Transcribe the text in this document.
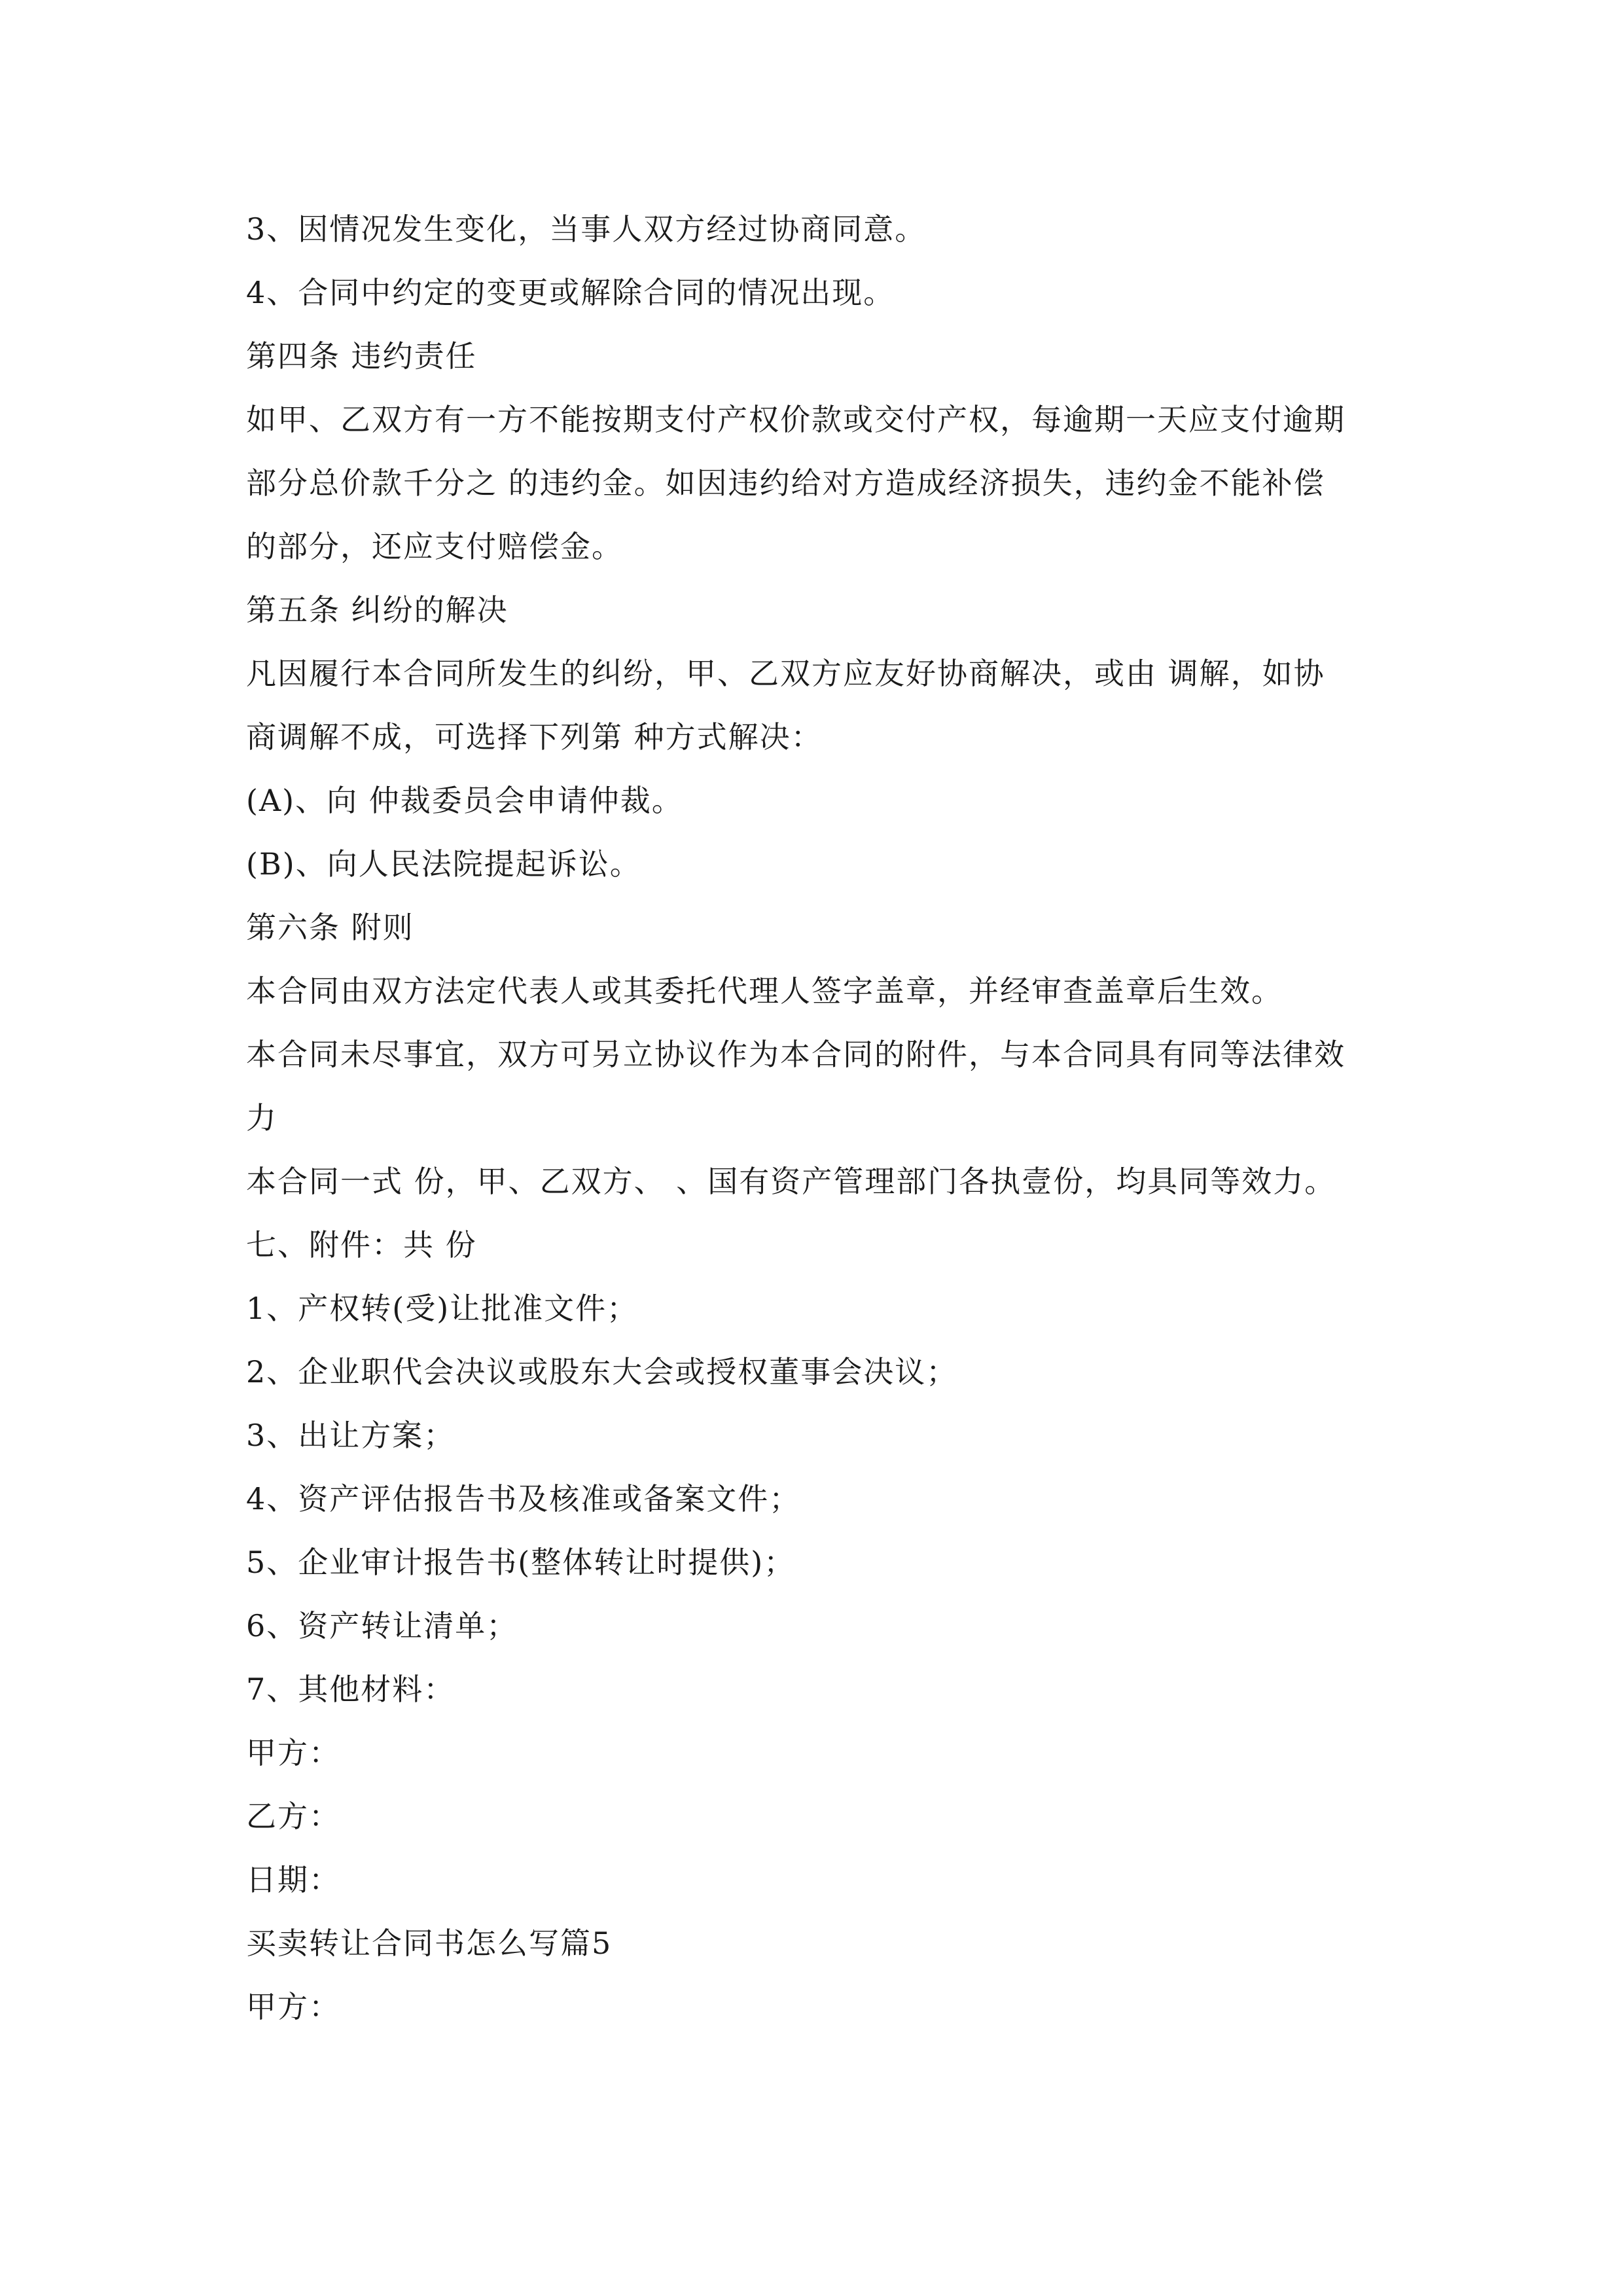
3、因情况发生变化，当事人双方经过协商同意。

4、合同中约定的变更或解除合同的情况出现。

第四条 违约责任

如甲、乙双方有一方不能按期支付产权价款或交付产权，每逾期一天应支付逾期

部分总价款千分之 的违约金。如因违约给对方造成经济损失，违约金不能补偿

的部分，还应支付赔偿金。

第五条 纠纷的解决

凡因履行本合同所发生的纠纷，甲、乙双方应友好协商解决，或由 调解，如协

商调解不成，可选择下列第 种方式解决：

(A)、向 仲裁委员会申请仲裁。

(B)、向人民法院提起诉讼。

第六条 附则

本合同由双方法定代表人或其委托代理人签字盖章，并经审查盖章后生效。

本合同未尽事宜，双方可另立协议作为本合同的附件，与本合同具有同等法律效

力

本合同一式 份，甲、乙双方、 、国有资产管理部门各执壹份，均具同等效力。

七、附件：共 份

1、产权转(受)让批准文件；

2、企业职代会决议或股东大会或授权董事会决议；

3、出让方案；

4、资产评估报告书及核准或备案文件；

5、企业审计报告书(整体转让时提供)；

6、资产转让清单；

7、其他材料：

甲方：

乙方：

日期：

买卖转让合同书怎么写篇5

甲方：
